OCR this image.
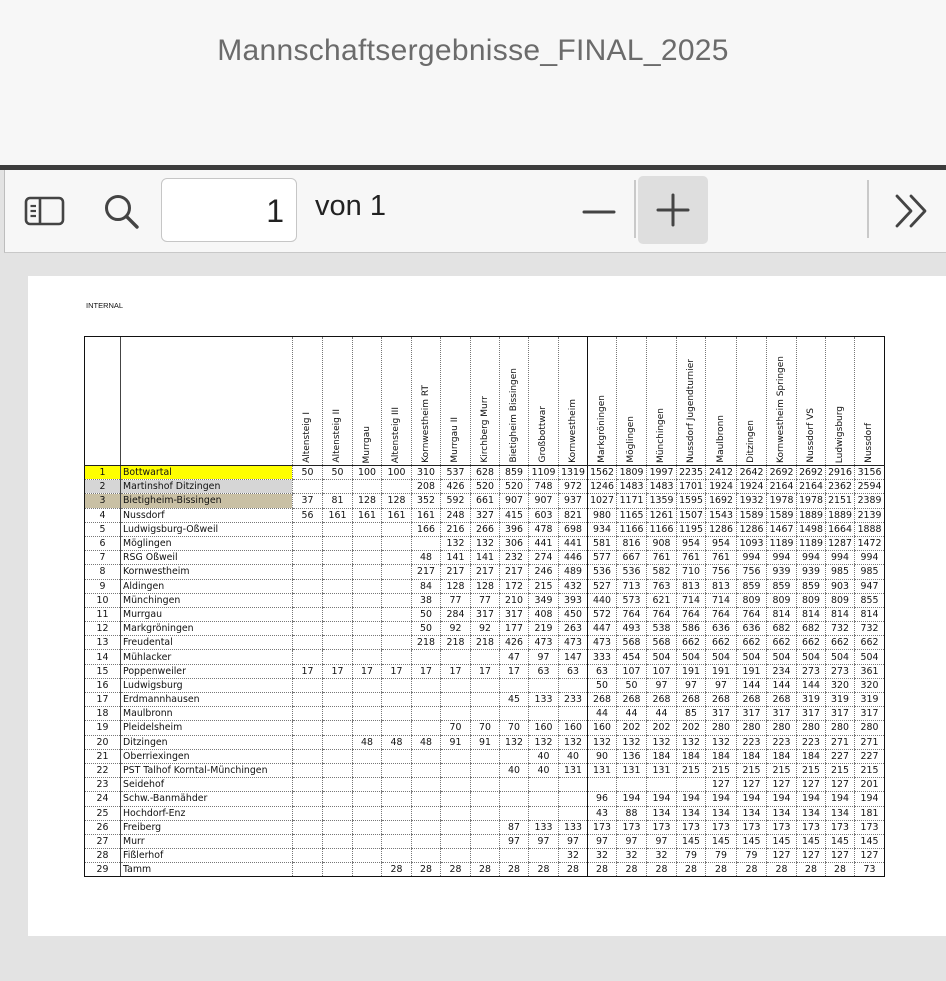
Mannschaftsergebnisse_FINAL_2025
1	von 1
INTERNAL

		Altensteig I	Altensteig II	Murrgau	Altensteig III	Kornwestheim RT	Murrgau II	Kirchberg Murr	Bietigheim Bissingen	Großbottwar	Kornwestheim	Markgröningen	Möglingen	Münchingen	Nussdorf Jugendturnier	Maulbronn	Ditzingen	Kornwestheim Springen	Nussdorf VS	Ludwigsburg	Nussdorf

1	Bottwartal	50	50	100	100	310	537	628	859	1109	1319	1562	1809	1997	2235	2412	2642	2692	2692	2916	3156
2	Martinshof Ditzingen					208	426	520	520	748	972	1246	1483	1483	1701	1924	1924	2164	2164	2362	2594
3	Bietigheim-Bissingen	37	81	128	128	352	592	661	907	907	937	1027	1171	1359	1595	1692	1932	1978	1978	2151	2389
4	Nussdorf	56	161	161	161	161	248	327	415	603	821	980	1165	1261	1507	1543	1589	1589	1889	1889	2139
5	Ludwigsburg-Oßweil					166	216	266	396	478	698	934	1166	1166	1195	1286	1286	1467	1498	1664	1888
6	Möglingen						132	132	306	441	441	581	816	908	954	954	1093	1189	1189	1287	1472
7	RSG Oßweil					48	141	141	232	274	446	577	667	761	761	761	994	994	994	994	994
8	Kornwestheim					217	217	217	217	246	489	536	536	582	710	756	756	939	939	985	985
9	Aldingen					84	128	128	172	215	432	527	713	763	813	813	859	859	859	903	947
10	Münchingen					38	77	77	210	349	393	440	573	621	714	714	809	809	809	809	855
11	Murrgau					50	284	317	317	408	450	572	764	764	764	764	764	814	814	814	814
12	Markgröningen					50	92	92	177	219	263	447	493	538	586	636	636	682	682	732	732
13	Freudental					218	218	218	426	473	473	473	568	568	662	662	662	662	662	662	662
14	Mühlacker								47	97	147	333	454	504	504	504	504	504	504	504	504
15	Poppenweiler	17	17	17	17	17	17	17	17	63	63	63	107	107	191	191	191	234	273	273	361
16	Ludwigsburg											50	50	97	97	97	144	144	144	320	320
17	Erdmannhausen								45	133	233	268	268	268	268	268	268	268	319	319	319
18	Maulbronn											44	44	44	85	317	317	317	317	317	317
19	Pleidelsheim						70	70	70	160	160	160	202	202	202	280	280	280	280	280	280
20	Ditzingen			48	48	48	91	91	132	132	132	132	132	132	132	132	223	223	223	271	271
21	Oberriexingen									40	40	90	136	184	184	184	184	184	184	227	227
22	PST Talhof Korntal-Münchingen								40	40	131	131	131	131	215	215	215	215	215	215	215
23	Seidehof															127	127	127	127	127	201
24	Schw.-Banmähder											96	194	194	194	194	194	194	194	194	194
25	Hochdorf-Enz											43	88	134	134	134	134	134	134	134	181
26	Freiberg								87	133	133	173	173	173	173	173	173	173	173	173	173
27	Murr								97	97	97	97	97	97	145	145	145	145	145	145	145
28	Fißlerhof										32	32	32	32	79	79	79	127	127	127	127
29	Tamm				28	28	28	28	28	28	28	28	28	28	28	28	28	28	28	28	73
